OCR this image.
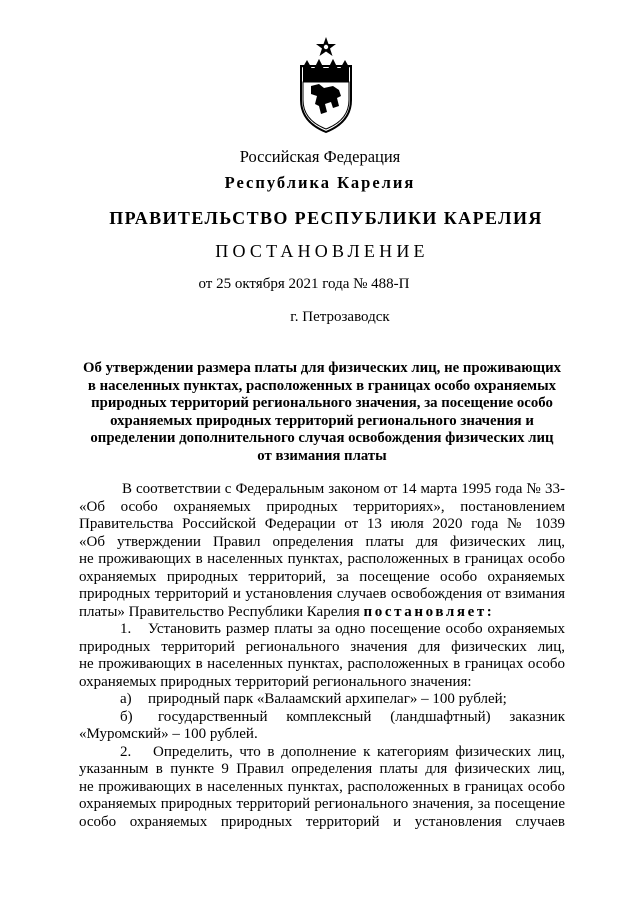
Российская Федерация
Республика Карелия
ПРАВИТЕЛЬСТВО РЕСПУБЛИКИ КАРЕЛИЯ
ПОСТАНОВЛЕНИЕ
от 25 октября 2021 года № 488-П
г. Петрозаводск
Об утверждении размера платы для физических лиц, не проживающих
в населенных пунктах, расположенных в границах особо охраняемых
природных территорий регионального значения, за посещение особо
охраняемых природных территорий регионального значения и
определении дополнительного случая освобождения физических лиц
от взимания платы
В соответствии с Федеральным законом от 14 марта 1995 года № 33-
«Об особо охраняемых природных территориях», постановлением
Правительства Российской Федерации от 13 июля 2020 года № 1039
«Об утверждении Правил определения платы для физических лиц,
не проживающих в населенных пунктах, расположенных в границах особо
охраняемых природных территорий, за посещение особо охраняемых
природных территорий и установления случаев освобождения от взимания
платы» Правительство Республики Карелия постановляет:
1.	Установить размер платы за одно посещение особо охраняемых
природных территорий регионального значения для физических лиц,
не проживающих в населенных пунктах, расположенных в границах особо
охраняемых природных территорий регионального значения:
а) природный парк «Валаамский архипелаг» – 100 рублей;
б)	государственный комплексный (ландшафтный) заказник
«Муромский» – 100 рублей.
2.	Определить, что в дополнение к категориям физических лиц,
указанным в пункте 9 Правил определения платы для физических лиц,
не проживающих в населенных пунктах, расположенных в границах особо
охраняемых природных территорий регионального значения, за посещение
особо охраняемых природных территорий и установления случаев
